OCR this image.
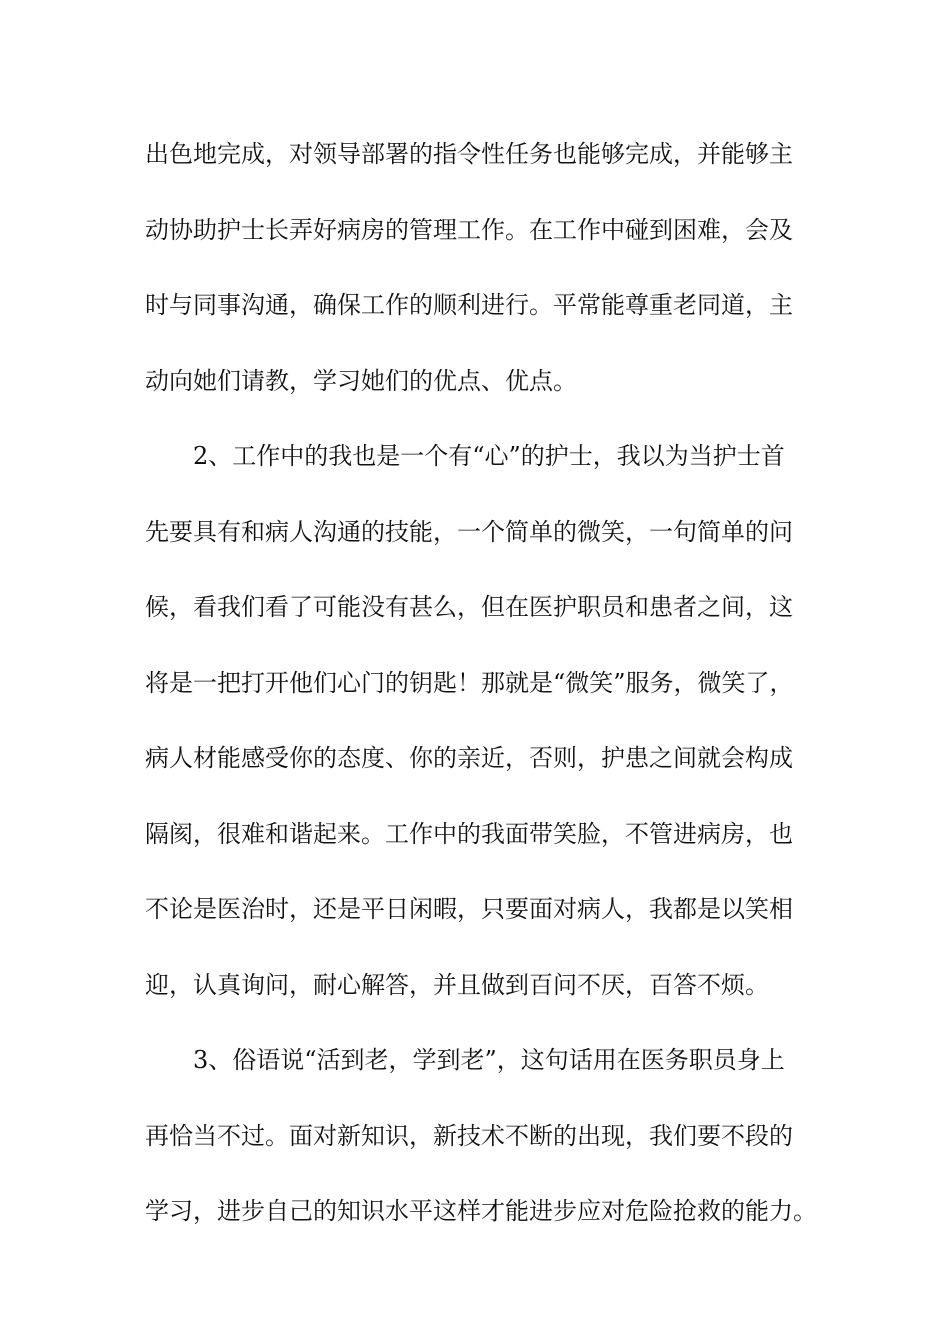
出色地完成，对领导部署的指令性任务也能够完成，并能够主
动协助护士长弄好病房的管理工作。在工作中碰到困难，会及
时与同事沟通，确保工作的顺利进行。平常能尊重老同道，主
动向她们请教，学习她们的优点、优点。
2、工作中的我也是一个有“心”的护士，我以为当护士首
先要具有和病人沟通的技能，一个简单的微笑，一句简单的问
候，看我们看了可能没有甚么，但在医护职员和患者之间，这
将是一把打开他们心门的钥匙！那就是“微笑”服务，微笑了，
病人材能感受你的态度、你的亲近，否则，护患之间就会构成
隔阂，很难和谐起来。工作中的我面带笑脸，不管进病房，也
不论是医治时，还是平日闲暇，只要面对病人，我都是以笑相
迎，认真询问，耐心解答，并且做到百问不厌，百答不烦。
3、俗语说“活到老，学到老”，这句话用在医务职员身上
再恰当不过。面对新知识，新技术不断的出现，我们要不段的
学习，进步自己的知识水平这样才能进步应对危险抢救的能力。
